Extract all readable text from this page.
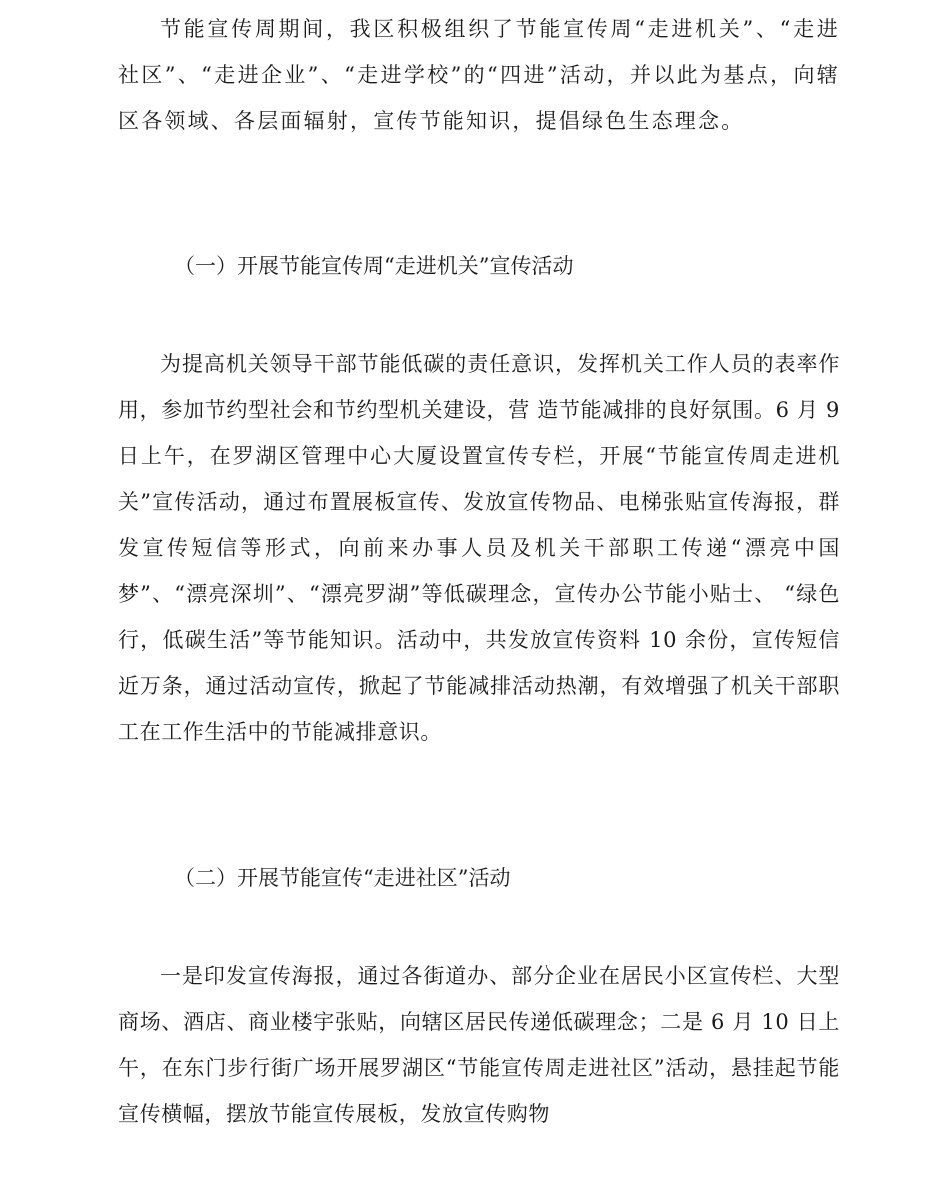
节能宣传周期间，我区积极组织了节能宣传周“走进机关”、“走进社区”、“走进企业”、“走进学校”的“四进”活动，并以此为基点，向辖区各领域、各层面辐射，宣传节能知识，提倡绿色生态理念。

（一）开展节能宣传周“走进机关”宣传活动

为提高机关领导干部节能低碳的责任意识，发挥机关工作人员的表率作用，参加节约型社会和节约型机关建设，营 造节能减排的良好氛围。6 月 9 日上午，在罗湖区管理中心大厦设置宣传专栏，开展“节能宣传周走进机关”宣传活动，通过布置展板宣传、发放宣传物品、电梯张贴宣传海报，群 发宣传短信等形式，向前来办事人员及机关干部职工传递“漂亮中国梦”、“漂亮深圳”、“漂亮罗湖”等低碳理念，宣传办公节能小贴士、 “绿色 行，低碳生活”等节能知识。活动中，共发放宣传资料 10 余份，宣传短信近万条，通过活动宣传，掀起了节能减排活动热潮，有效增强了机关干部职工在工作生活中的节能减排意识。

（二）开展节能宣传“走进社区”活动

一是印发宣传海报，通过各街道办、部分企业在居民小区宣传栏、大型商场、酒店、商业楼宇张贴，向辖区居民传递低碳理念；二是 6 月 10 日上午，在东门步行街广场开展罗湖区“节能宣传周走进社区”活动，悬挂起节能宣传横幅，摆放节能宣传展板，发放宣传购物
